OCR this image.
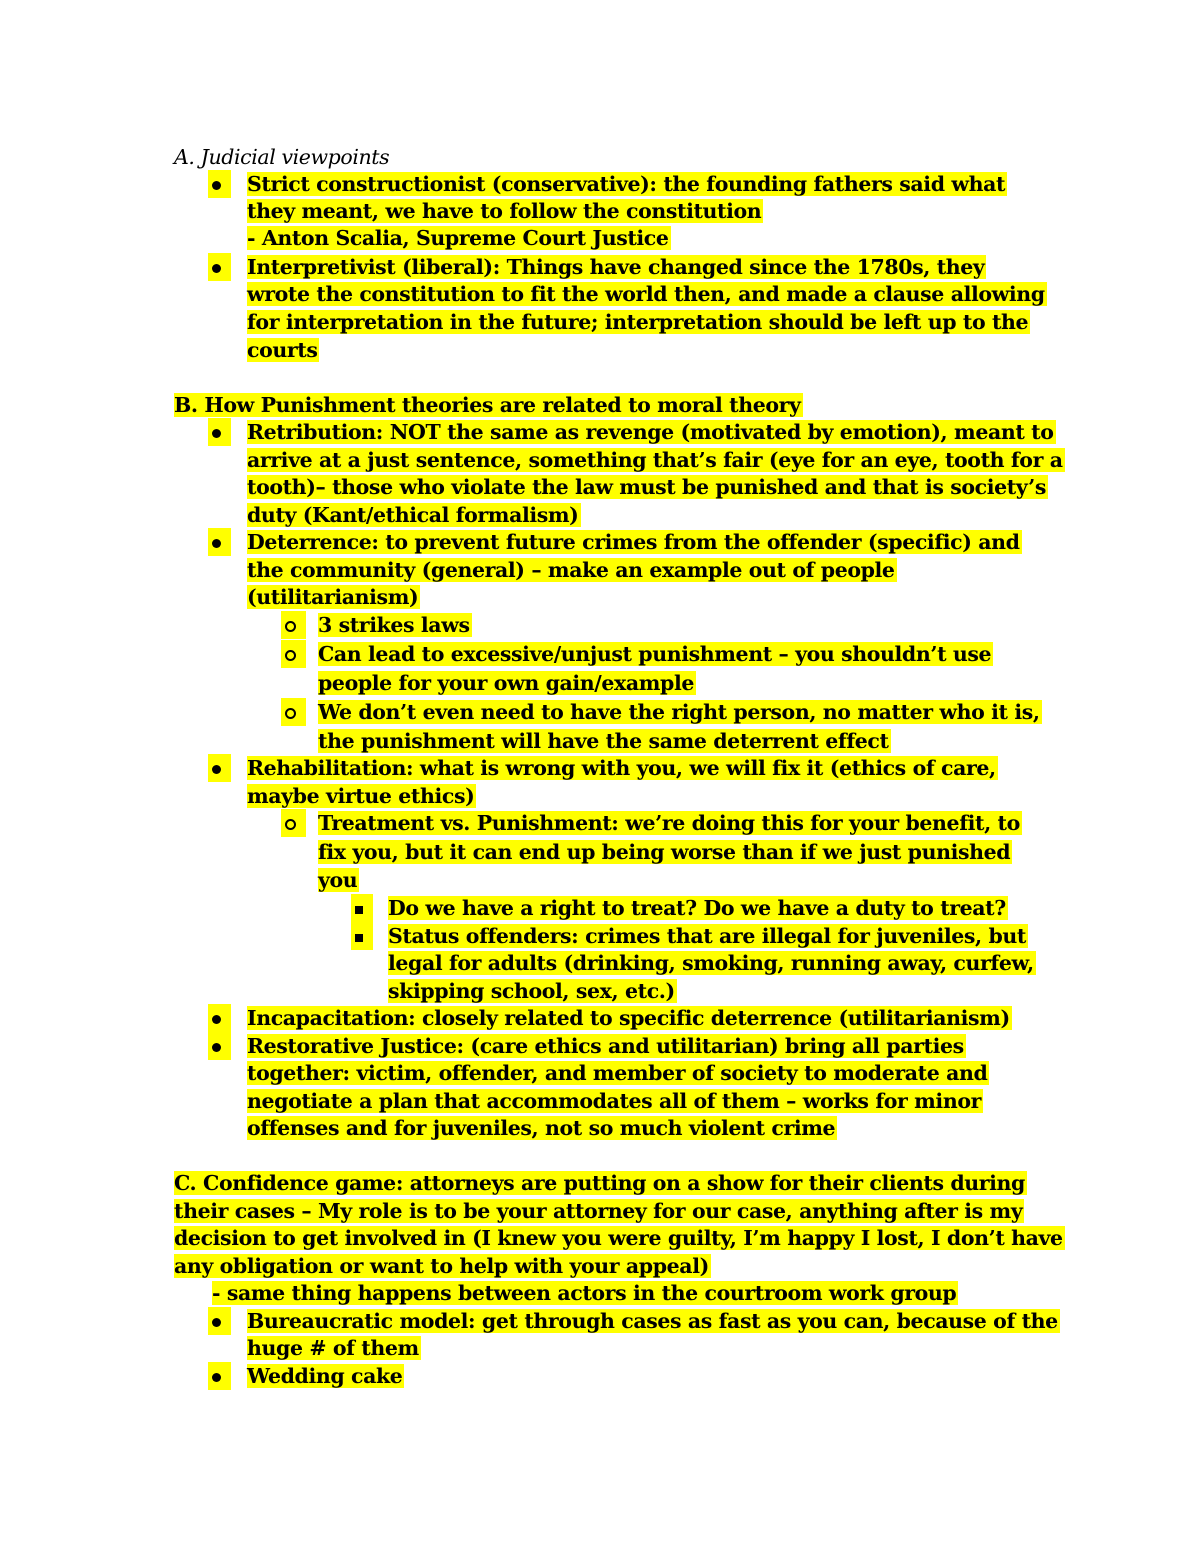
A. Judicial viewpoints
Strict constructionist (conservative): the founding fathers said what
they meant, we have to follow the constitution
- Anton Scalia, Supreme Court Justice
Interpretivist (liberal): Things have changed since the 1780s, they
wrote the constitution to fit the world then, and made a clause allowing
for interpretation in the future; interpretation should be left up to the
courts
B. How Punishment theories are related to moral theory
Retribution: NOT the same as revenge (motivated by emotion), meant to
arrive at a just sentence, something that’s fair (eye for an eye, tooth for a
tooth)– those who violate the law must be punished and that is society’s
duty (Kant/ethical formalism)
Deterrence: to prevent future crimes from the offender (specific) and
the community (general) – make an example out of people
(utilitarianism)
3 strikes laws
Can lead to excessive/unjust punishment – you shouldn’t use
people for your own gain/example
We don’t even need to have the right person, no matter who it is,
the punishment will have the same deterrent effect
Rehabilitation: what is wrong with you, we will fix it (ethics of care,
maybe virtue ethics)
Treatment vs. Punishment: we’re doing this for your benefit, to
fix you, but it can end up being worse than if we just punished
you
Do we have a right to treat? Do we have a duty to treat?
Status offenders: crimes that are illegal for juveniles, but
legal for adults (drinking, smoking, running away, curfew,
skipping school, sex, etc.)
Incapacitation: closely related to specific deterrence (utilitarianism)
Restorative Justice: (care ethics and utilitarian) bring all parties
together: victim, offender, and member of society to moderate and
negotiate a plan that accommodates all of them – works for minor
offenses and for juveniles, not so much violent crime
C. Confidence game: attorneys are putting on a show for their clients during
their cases – My role is to be your attorney for our case, anything after is my
decision to get involved in (I knew you were guilty, I’m happy I lost, I don’t have
any obligation or want to help with your appeal)
- same thing happens between actors in the courtroom work group
Bureaucratic model: get through cases as fast as you can, because of the
huge # of them
Wedding cake
